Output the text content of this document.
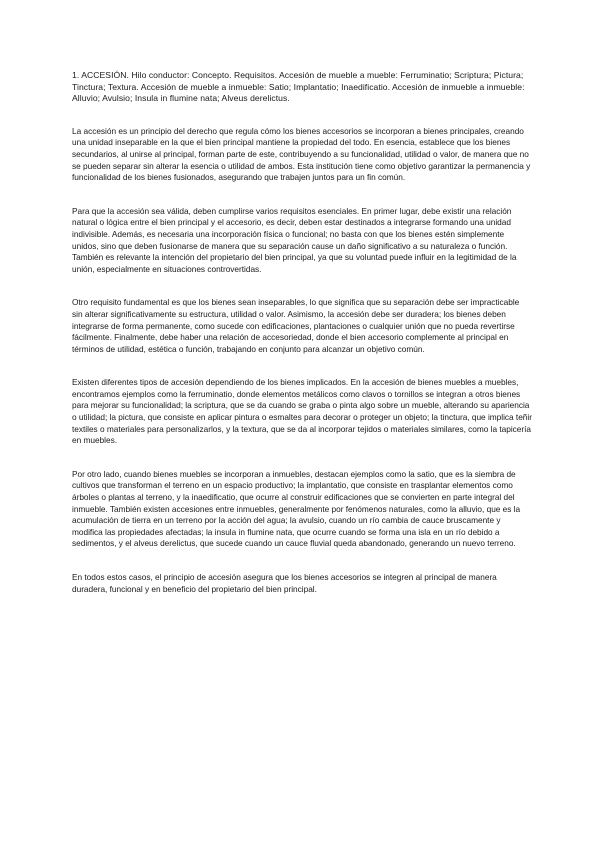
1. ACCESIÓN. Hilo conductor: Concepto. Requisitos. Accesión de mueble a mueble: Ferruminatio; Scriptura; Pictura; Tinctura; Textura. Accesión de mueble a inmueble: Satio; Implantatio; Inaedificatio. Accesión de inmueble a inmueble: Alluvio; Avulsio; Insula in flumine nata; Alveus derelictus.

La accesión es un principio del derecho que regula cómo los bienes accesorios se incorporan a bienes principales, creando una unidad inseparable en la que el bien principal mantiene la propiedad del todo. En esencia, establece que los bienes secundarios, al unirse al principal, forman parte de este, contribuyendo a su funcionalidad, utilidad o valor, de manera que no se pueden separar sin alterar la esencia o utilidad de ambos. Esta institución tiene como objetivo garantizar la permanencia y funcionalidad de los bienes fusionados, asegurando que trabajen juntos para un fin común.

Para que la accesión sea válida, deben cumplirse varios requisitos esenciales. En primer lugar, debe existir una relación natural o lógica entre el bien principal y el accesorio, es decir, deben estar destinados a integrarse formando una unidad indivisible. Además, es necesaria una incorporación física o funcional; no basta con que los bienes estén simplemente unidos, sino que deben fusionarse de manera que su separación cause un daño significativo a su naturaleza o función. También es relevante la intención del propietario del bien principal, ya que su voluntad puede influir en la legitimidad de la unión, especialmente en situaciones controvertidas.

Otro requisito fundamental es que los bienes sean inseparables, lo que significa que su separación debe ser impracticable sin alterar significativamente su estructura, utilidad o valor. Asimismo, la accesión debe ser duradera; los bienes deben integrarse de forma permanente, como sucede con edificaciones, plantaciones o cualquier unión que no pueda revertirse fácilmente. Finalmente, debe haber una relación de accesoriedad, donde el bien accesorio complemente al principal en términos de utilidad, estética o función, trabajando en conjunto para alcanzar un objetivo común.

Existen diferentes tipos de accesión dependiendo de los bienes implicados. En la accesión de bienes muebles a muebles, encontramos ejemplos como la ferruminatio, donde elementos metálicos como clavos o tornillos se integran a otros bienes para mejorar su funcionalidad; la scriptura, que se da cuando se graba o pinta algo sobre un mueble, alterando su apariencia o utilidad; la pictura, que consiste en aplicar pintura o esmaltes para decorar o proteger un objeto; la tinctura, que implica teñir textiles o materiales para personalizarlos, y la textura, que se da al incorporar tejidos o materiales similares, como la tapicería en muebles.

Por otro lado, cuando bienes muebles se incorporan a inmuebles, destacan ejemplos como la satio, que es la siembra de cultivos que transforman el terreno en un espacio productivo; la implantatio, que consiste en trasplantar elementos como árboles o plantas al terreno, y la inaedificatio, que ocurre al construir edificaciones que se convierten en parte integral del inmueble. También existen accesiones entre inmuebles, generalmente por fenómenos naturales, como la alluvio, que es la acumulación de tierra en un terreno por la acción del agua; la avulsio, cuando un río cambia de cauce bruscamente y modifica las propiedades afectadas; la insula in flumine nata, que ocurre cuando se forma una isla en un río debido a sedimentos, y el alveus derelictus, que sucede cuando un cauce fluvial queda abandonado, generando un nuevo terreno.

En todos estos casos, el principio de accesión asegura que los bienes accesorios se integren al principal de manera duradera, funcional y en beneficio del propietario del bien principal.
